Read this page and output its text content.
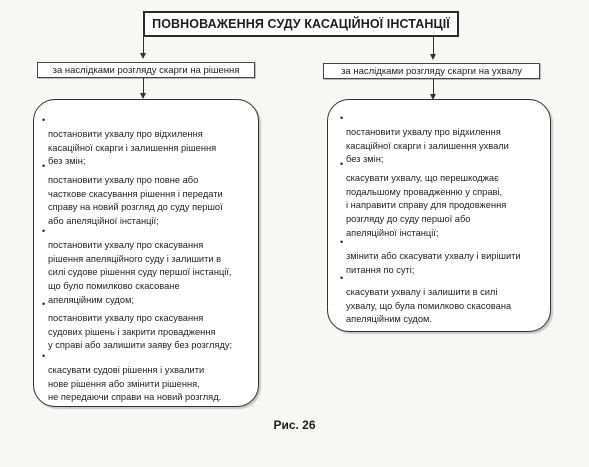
ПОВНОВАЖЕННЯ СУДУ КАСАЦІЙНОЇ ІНСТАНЦІЇ
за наслідками розгляду скарги на рішення	за наслідками розгляду скарги на ухвалу

•
постановити ухвалу про відхилення
касаційної скарги і залишення рішення
без змін;

•
постановити ухвалу про повне або
часткове скасування рішення і передати
справу на новий розгляд до суду першої
або апеляційної інстанції;

•
постановити ухвалу про скасування
рішення апеляційного суду і залишити в
силі судове рішення суду першої інстанції,
що було помилково скасоване
апеляційним судом;

•
постановити ухвалу про скасування
судових рішень і закрити провадження
у справі або залишити заяву без розгляду;

•
скасувати судові рішення і ухвалити
нове рішення або змінити рішення,
не передаючи справи на новий розгляд.

•
постановити ухвалу про відхилення
касаційної скарги і залишення ухвали
без змін;

•
скасувати ухвалу, що перешкоджає
подальшому провадженню у справі,
і направити справу для продовження
розгляду до суду першої або
апеляційної інстанції;

•
змінити або скасувати ухвалу і вирішити
питання по суті;

•
скасувати ухвалу і залишити в силі
ухвалу, що була помилково скасована
апеляційним судом.

Рис. 26
